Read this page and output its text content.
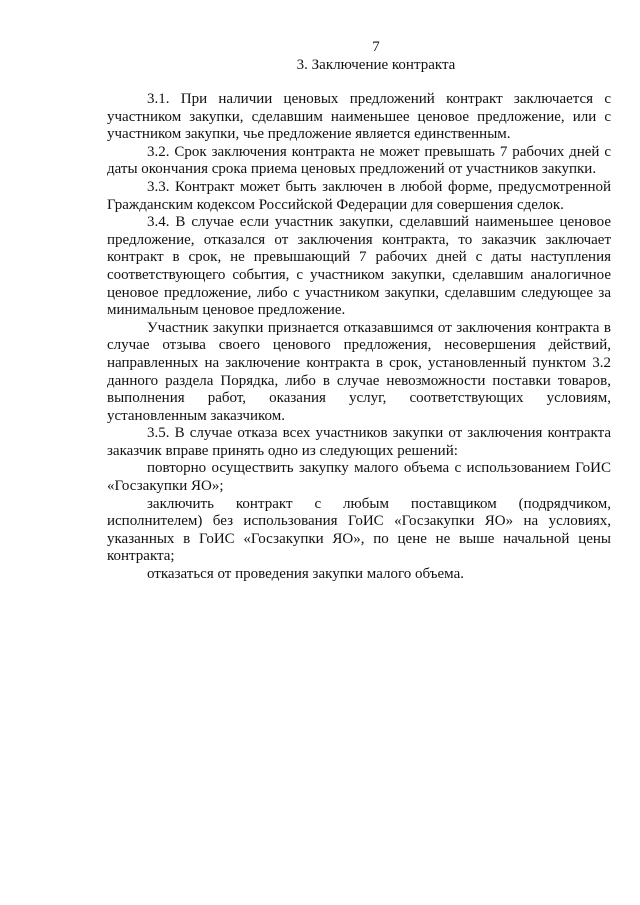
7
3. Заключение контракта

3.1. При наличии ценовых предложений контракт заключается с участником закупки, сделавшим наименьшее ценовое предложение, или с участником закупки, чье предложение является единственным.

3.2. Срок заключения контракта не может превышать 7 рабочих дней с даты окончания срока приема ценовых предложений от участников закупки.

3.3. Контракт может быть заключен в любой форме, предусмотренной Гражданским кодексом Российской Федерации для совершения сделок.

3.4. В случае если участник закупки, сделавший наименьшее ценовое предложение, отказался от заключения контракта, то заказчик заключает контракт в срок, не превышающий 7 рабочих дней с даты наступления соответствующего события, с участником закупки, сделавшим аналогичное ценовое предложение, либо с участником закупки, сделавшим следующее за минимальным ценовое предложение.

Участник закупки признается отказавшимся от заключения контракта в случае отзыва своего ценового предложения, несовершения действий, направленных на заключение контракта в срок, установленный пунктом 3.2 данного раздела Порядка, либо в случае невозможности поставки товаров, выполнения работ, оказания услуг, соответствующих условиям, установленным заказчиком.

3.5. В случае отказа всех участников закупки от заключения контракта заказчик вправе принять одно из следующих решений:

повторно осуществить закупку малого объема с использованием ГоИС «Госзакупки ЯО»;

заключить контракт с любым поставщиком (подрядчиком, исполнителем) без использования ГоИС «Госзакупки ЯО» на условиях, указанных в ГоИС «Госзакупки ЯО», по цене не выше начальной цены контракта;

отказаться от проведения закупки малого объема.
